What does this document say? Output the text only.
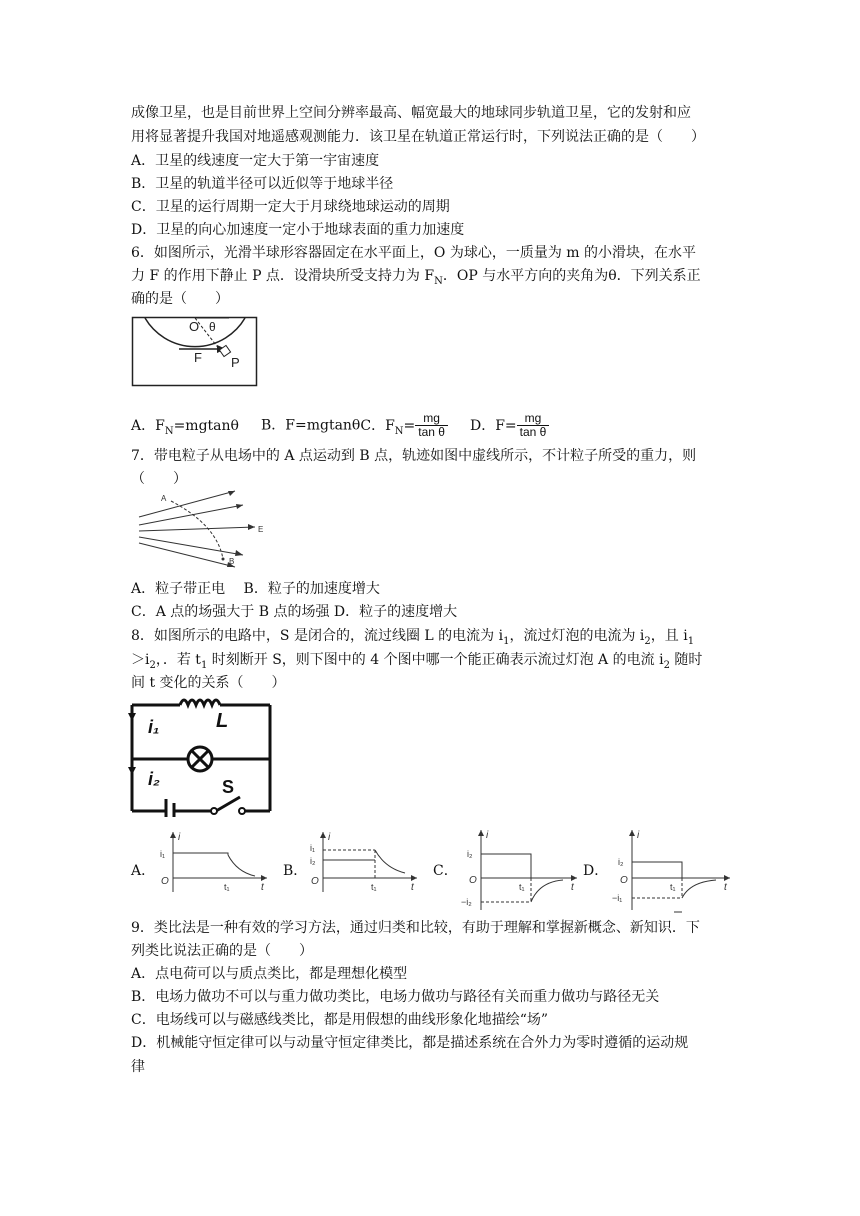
成像卫星，也是目前世界上空间分辨率最高、幅宽最大的地球同步轨道卫星，它的发射和应
用将显著提升我国对地遥感观测能力．该卫星在轨道正常运行时，下列说法正确的是（　　）
A．卫星的线速度一定大于第一宇宙速度
B．卫星的轨道半径可以近似等于地球半径
C．卫星的运行周期一定大于月球绕地球运动的周期
D．卫星的向心加速度一定小于地球表面的重力加速度
6．如图所示，光滑半球形容器固定在水平面上，O 为球心，一质量为 m 的小滑块，在水平
力 F 的作用下静止 P 点．设滑块所受支持力为 $F_N$．OP 与水平方向的夹角为θ．下列关系正
确的是（　　）
O θ
F P
A．$F_N=mgtan\theta$ B．F=mgtanθC．$F_N= \frac{mg}{\text{tan θ}}$ D．$F= \frac{mg}{\text{tan θ}}$
7．带电粒子从电场中的 A 点运动到 B 点，轨迹如图中虚线所示，不计粒子所受的重力，则
（　　）
A
B
E
A．粒子带正电　 B．粒子的加速度增大
C．A 点的场强大于 B 点的场强 D．粒子的速度增大
8．如图所示的电路中，S 是闭合的，流过线圈 L 的电流为 $i_1$，流过灯泡的电流为 $i_2$，且 $i_1$
$>i_2$，．若 $t_1$ 时刻断开 S，则下图中的 4 个图中哪一个能正确表示流过灯泡 A 的电流 $i_2$ 随时
间 t 变化的关系（　　）
L
i₁
i₂	S
A．
i
i₁
O	t₁	t
B．
i
i₁
i₂
O	t₁	t
C．
i
i₂
O
−i₂
t₁	t
D．
i
i₂
O
−i₁
t₁	t
9．类比法是一种有效的学习方法，通过归类和比较，有助于理解和掌握新概念、新知识．下
列类比说法正确的是（　　）
A．点电荷可以与质点类比，都是理想化模型
B．电场力做功不可以与重力做功类比，电场力做功与路径有关而重力做功与路径无关
C．电场线可以与磁感线类比，都是用假想的曲线形象化地描绘“场”
D．机械能守恒定律可以与动量守恒定律类比，都是描述系统在合外力为零时遵循的运动规
律
